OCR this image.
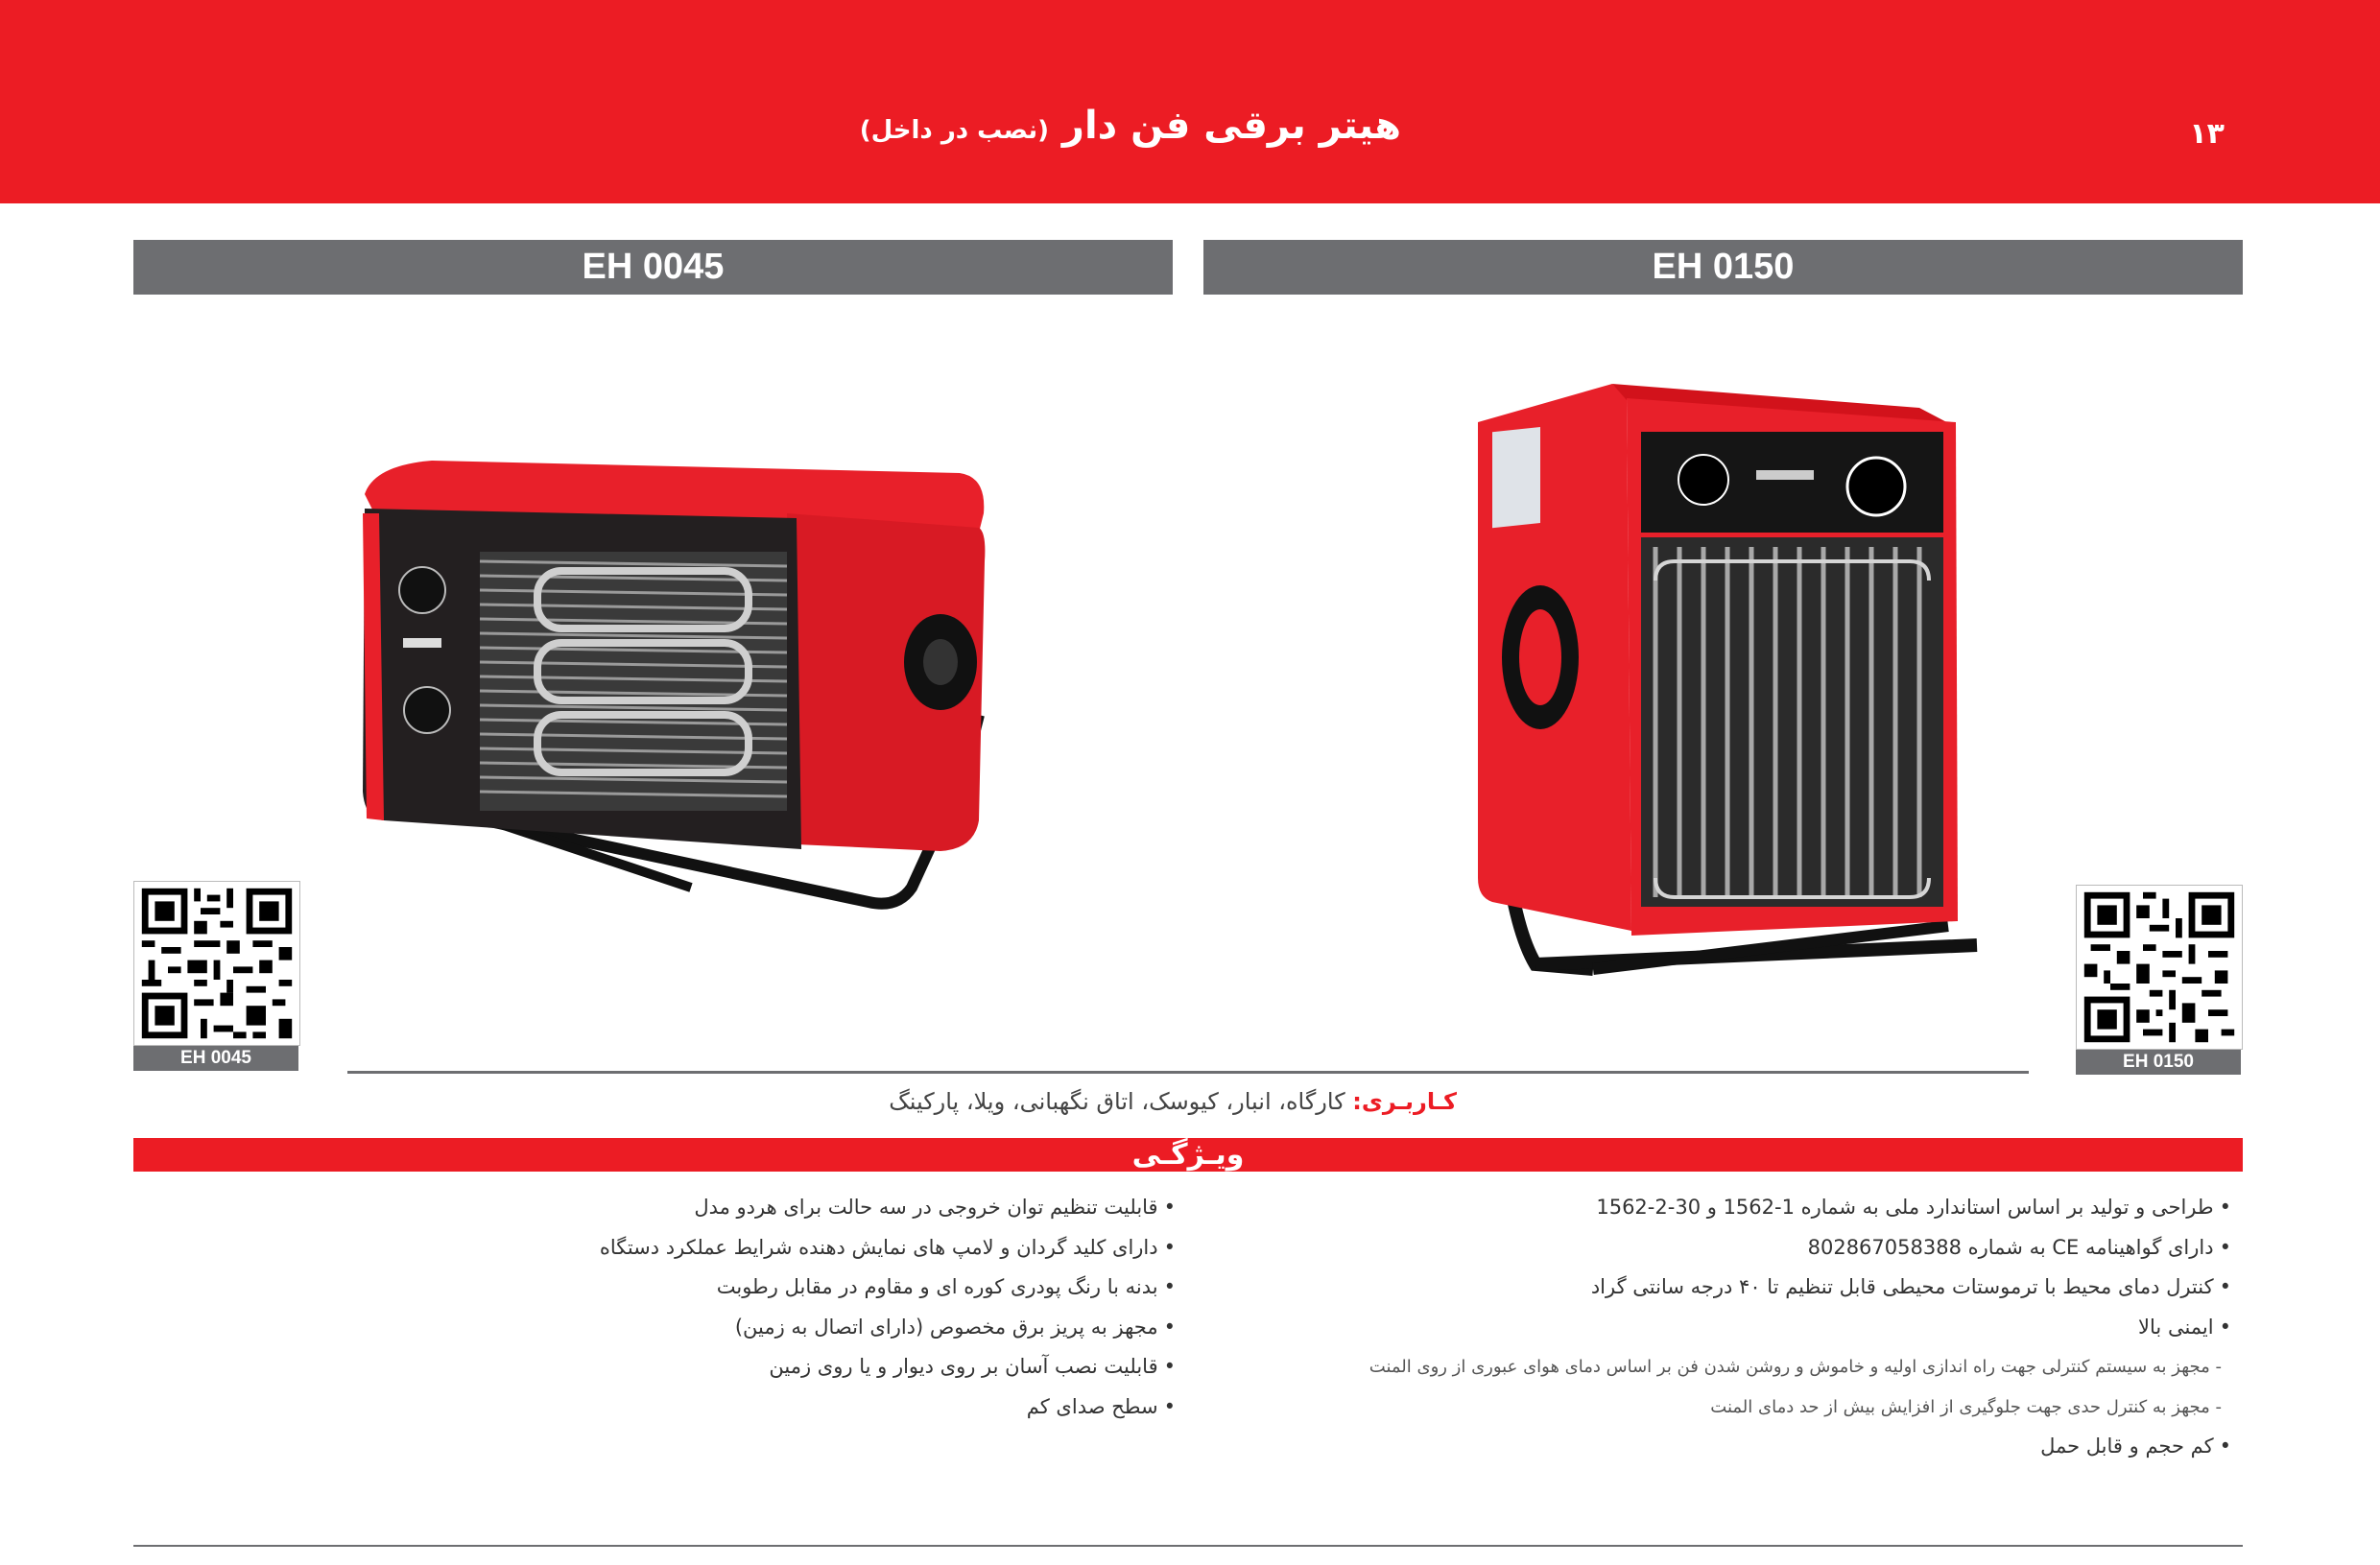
هیتر برقی فن دار (نصب در داخل)	۱۳
EH 0045	EH 0150
EH 0045	EH 0150
کـاربـری: کارگاه، انبار، کیوسک، اتاق نگهبانی، ویلا، پارکینگ
ویـژگـی
•طراحی و تولید بر اساس استاندارد ملی به شماره 1-1562 و 30-2-1562
•دارای گواهینامه CE به شماره 802867058388
•کنترل دمای محیط با ترموستات محیطی قابل تنظیم تا ۴۰ درجه سانتی گراد
•ایمنی بالا
- مجهز به سیستم کنترلی جهت راه اندازی اولیه و خاموش و روشن شدن فن بر اساس دمای هوای عبوری از روی المنت
- مجهز به کنترل حدی جهت جلوگیری از افزایش بیش از حد دمای المنت
•کم حجم و قابل حمل
•قابلیت تنظیم توان خروجی در سه حالت برای هردو مدل
•دارای کلید گردان و لامپ های نمایش دهنده شرایط عملکرد دستگاه
•بدنه با رنگ پودری کوره ای و مقاوم در مقابل رطوبت
•مجهز به پریز برق مخصوص (دارای اتصال به زمین)
•قابلیت نصب آسان بر روی دیوار و یا روی زمین
•سطح صدای کم
